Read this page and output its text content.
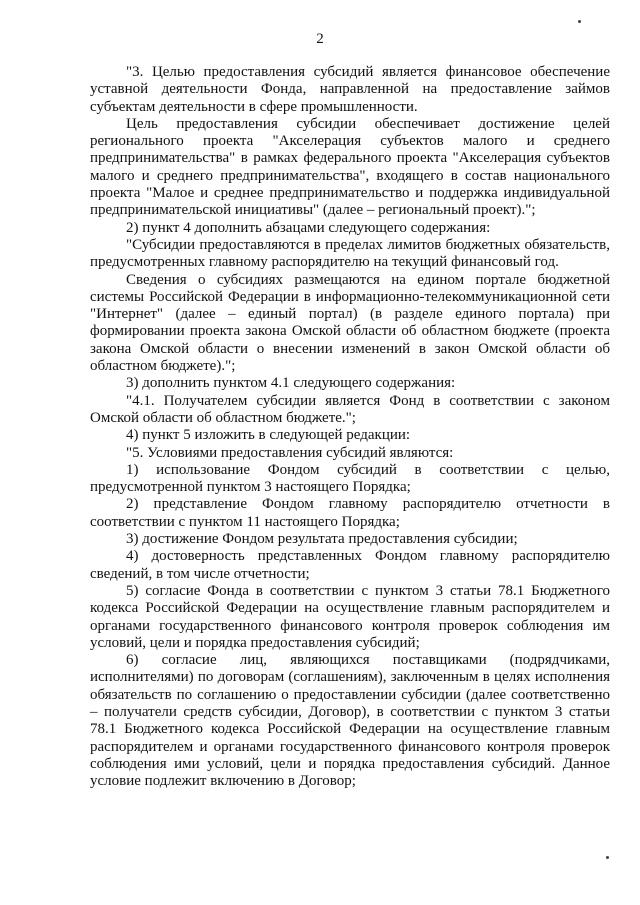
2

"3. Целью предоставления субсидий является финансовое обеспечение уставной деятельности Фонда, направленной на предоставление займов субъектам деятельности в сфере промышленности.

Цель предоставления субсидии обеспечивает достижение целей регионального проекта "Акселерация субъектов малого и среднего предпринимательства" в рамках федерального проекта "Акселерация субъектов малого и среднего предпринимательства", входящего в состав национального проекта "Малое и среднее предпринимательство и поддержка индивидуальной предпринимательской инициативы" (далее – региональный проект).";

2) пункт 4 дополнить абзацами следующего содержания:

"Субсидии предоставляются в пределах лимитов бюджетных обязательств, предусмотренных главному распорядителю на текущий финансовый год.

Сведения о субсидиях размещаются на едином портале бюджетной системы Российской Федерации в информационно-телекоммуникационной сети "Интернет" (далее – единый портал) (в разделе единого портала) при формировании проекта закона Омской области об областном бюджете (проекта закона Омской области о внесении изменений в закон Омской области об областном бюджете).";

3) дополнить пунктом 4.1 следующего содержания:

"4.1. Получателем субсидии является Фонд в соответствии с законом Омской области об областном бюджете.";

4) пункт 5 изложить в следующей редакции:

"5. Условиями предоставления субсидий являются:

1) использование Фондом субсидий в соответствии с целью, предусмотренной пунктом 3 настоящего Порядка;

2) представление Фондом главному распорядителю отчетности в соответствии с пунктом 11 настоящего Порядка;

3) достижение Фондом результата предоставления субсидии;

4) достоверность представленных Фондом главному распорядителю сведений, в том числе отчетности;

5) согласие Фонда в соответствии с пунктом 3 статьи 78.1 Бюджетного кодекса Российской Федерации на осуществление главным распорядителем и органами государственного финансового контроля проверок соблюдения им условий, цели и порядка предоставления субсидий;

6) согласие лиц, являющихся поставщиками (подрядчиками, исполнителями) по договорам (соглашениям), заключенным в целях исполнения обязательств по соглашению о предоставлении субсидии (далее соответственно – получатели средств субсидии, Договор), в соответствии с пунктом 3 статьи 78.1 Бюджетного кодекса Российской Федерации на осуществление главным распорядителем и органами государственного финансового контроля проверок соблюдения ими условий, цели и порядка предоставления субсидий. Данное условие подлежит включению в Договор;
